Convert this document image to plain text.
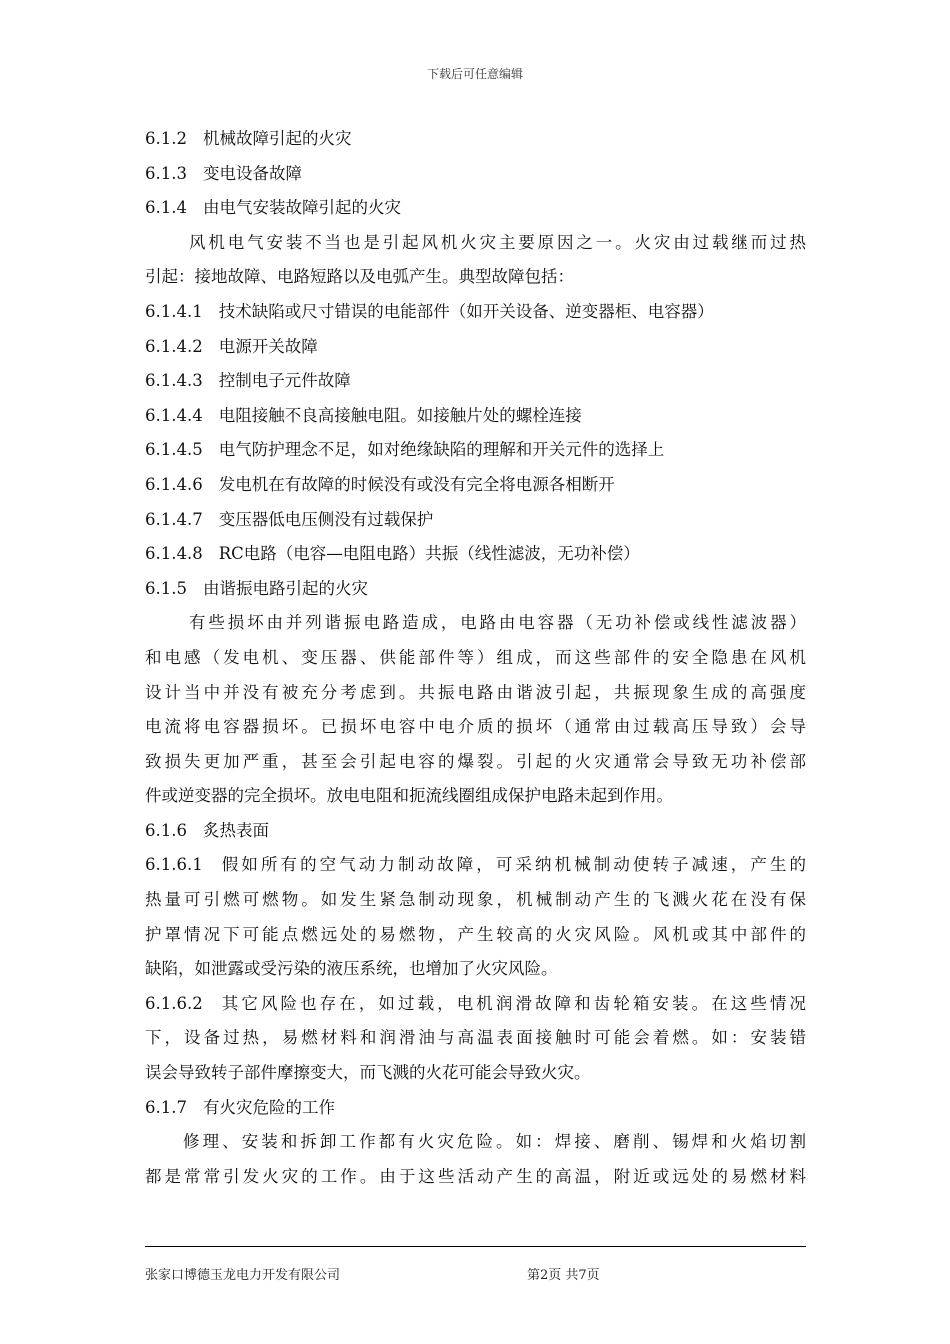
下载后可任意编辑
6.1.2 机械故障引起的火灾
6.1.3 变电设备故障
6.1.4 由电气安装故障引起的火灾
风机电气安装不当也是引起风机火灾主要原因之一。火灾由过载继而过热
引起：接地故障、电路短路以及电弧产生。典型故障包括：
6.1.4.1 技术缺陷或尺寸错误的电能部件（如开关设备、逆变器柜、电容器）
6.1.4.2 电源开关故障
6.1.4.3 控制电子元件故障
6.1.4.4 电阻接触不良高接触电阻。如接触片处的螺栓连接
6.1.4.5 电气防护理念不足，如对绝缘缺陷的理解和开关元件的选择上
6.1.4.6 发电机在有故障的时候没有或没有完全将电源各相断开
6.1.4.7 变压器低电压侧没有过载保护
6.1.4.8 RC电路（电容—电阻电路）共振（线性滤波，无功补偿）
6.1.5 由谐振电路引起的火灾
有些损坏由并列谐振电路造成，电路由电容器（无功补偿或线性滤波器）
和电感（发电机、变压器、供能部件等）组成，而这些部件的安全隐患在风机
设计当中并没有被充分考虑到。共振电路由谐波引起，共振现象生成的高强度
电流将电容器损坏。已损坏电容中电介质的损坏（通常由过载高压导致）会导
致损失更加严重，甚至会引起电容的爆裂。引起的火灾通常会导致无功补偿部
件或逆变器的完全损坏。放电电阻和扼流线圈组成保护电路未起到作用。
6.1.6 炙热表面
6.1.6.1 假如所有的空气动力制动故障，可采纳机械制动使转子减速，产生的
热量可引燃可燃物。如发生紧急制动现象，机械制动产生的飞溅火花在没有保
护罩情况下可能点燃远处的易燃物，产生较高的火灾风险。风机或其中部件的
缺陷，如泄露或受污染的液压系统，也增加了火灾风险。
6.1.6.2 其它风险也存在，如过载，电机润滑故障和齿轮箱安装。在这些情况
下，设备过热，易燃材料和润滑油与高温表面接触时可能会着燃。如：安装错
误会导致转子部件摩擦变大，而飞溅的火花可能会导致火灾。
6.1.7 有火灾危险的工作
修理、安装和拆卸工作都有火灾危险。如：焊接、磨削、锡焊和火焰切割
都是常常引发火灾的工作。由于这些活动产生的高温，附近或远处的易燃材料
张家口博德玉龙电力开发有限公司	第2页 共7页
